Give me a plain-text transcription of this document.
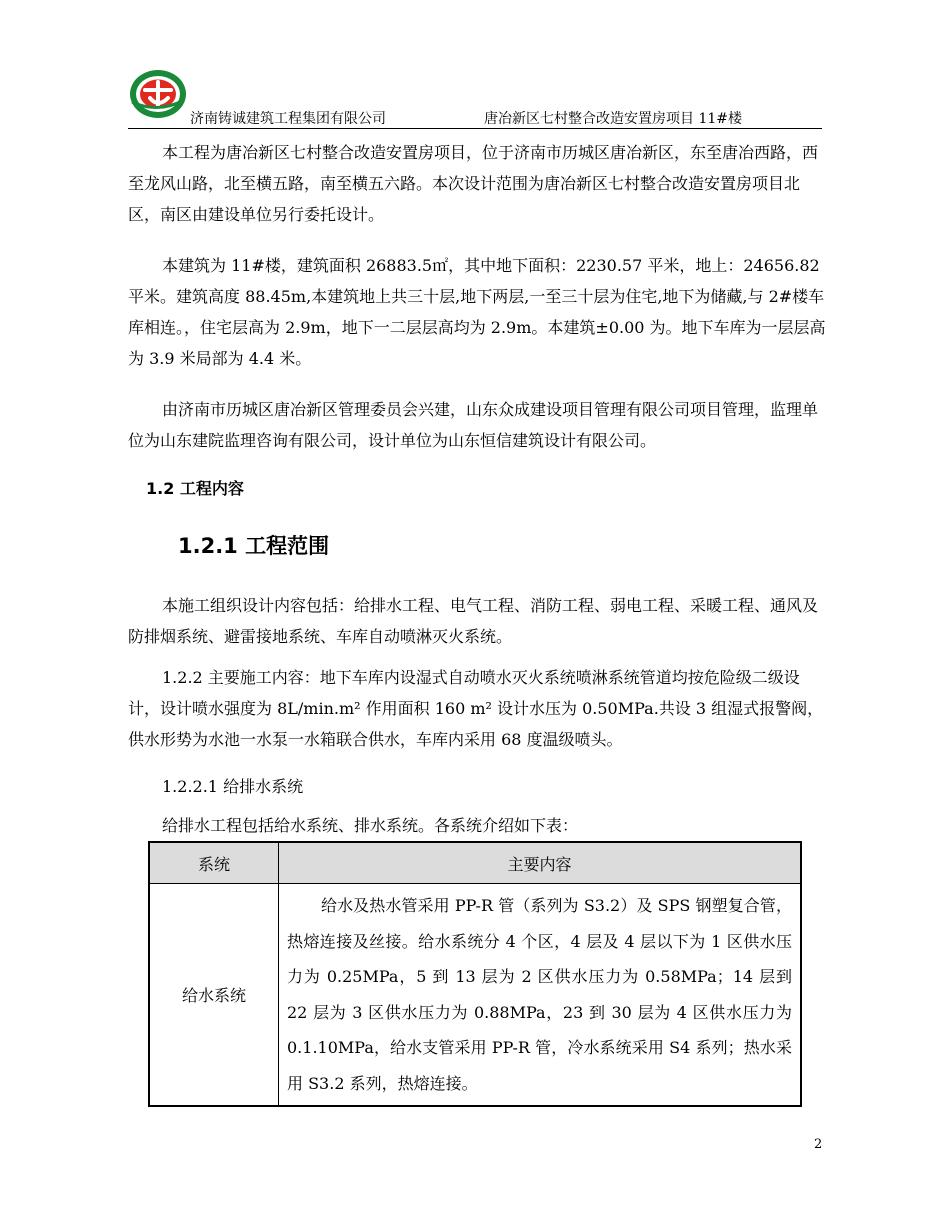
济南铸诚建筑工程集团有限公司	唐冶新区七村整合改造安置房项目 11#楼

本工程为唐冶新区七村整合改造安置房项目，位于济南市历城区唐冶新区，东至唐冶西路，西至龙风山路，北至横五路，南至横五六路。本次设计范围为唐冶新区七村整合改造安置房项目北区，南区由建设单位另行委托设计。

本建筑为 11#楼，建筑面积 26883.5㎡，其中地下面积：2230.57 平米，地上：24656.82 平米。建筑高度 88.45m,本建筑地上共三十层,地下两层,一至三十层为住宅,地下为储藏,与 2#楼车库相连。，住宅层高为 2.9m，地下一二层层高均为 2.9m。本建筑±0.00 为。地下车库为一层层高为 3.9 米局部为 4.4 米。

由济南市历城区唐冶新区管理委员会兴建，山东众成建设项目管理有限公司项目管理，监理单位为山东建院监理咨询有限公司，设计单位为山东恒信建筑设计有限公司。

1.2 工程内容

1.2.1 工程范围

本施工组织设计内容包括：给排水工程、电气工程、消防工程、弱电工程、采暖工程、通风及防排烟系统、避雷接地系统、车库自动喷淋灭火系统。

1.2.2 主要施工内容：地下车库内设湿式自动喷水灭火系统喷淋系统管道均按危险级二级设计，设计喷水强度为 8L/min.m² 作用面积 160 m² 设计水压为 0.50MPa.共设 3 组湿式报警阀，供水形势为水池一水泵一水箱联合供水，车库内采用 68 度温级喷头。

1.2.2.1 给排水系统

给排水工程包括给水系统、排水系统。各系统介绍如下表：

系统	主要内容
给水系统	给水及热水管采用 PP-R 管（系列为 S3.2）及 SPS 钢塑复合管，热熔连接及丝接。给水系统分 4 个区，4 层及 4 层以下为 1 区供水压力为 0.25MPa，5 到 13 层为 2 区供水压力为 0.58MPa；14 层到 22 层为 3 区供水压力为 0.88MPa，23 到 30 层为 4 区供水压力为 0.1.10MPa，给水支管采用 PP-R 管，冷水系统采用 S4 系列；热水采用 S3.2 系列，热熔连接。
2
